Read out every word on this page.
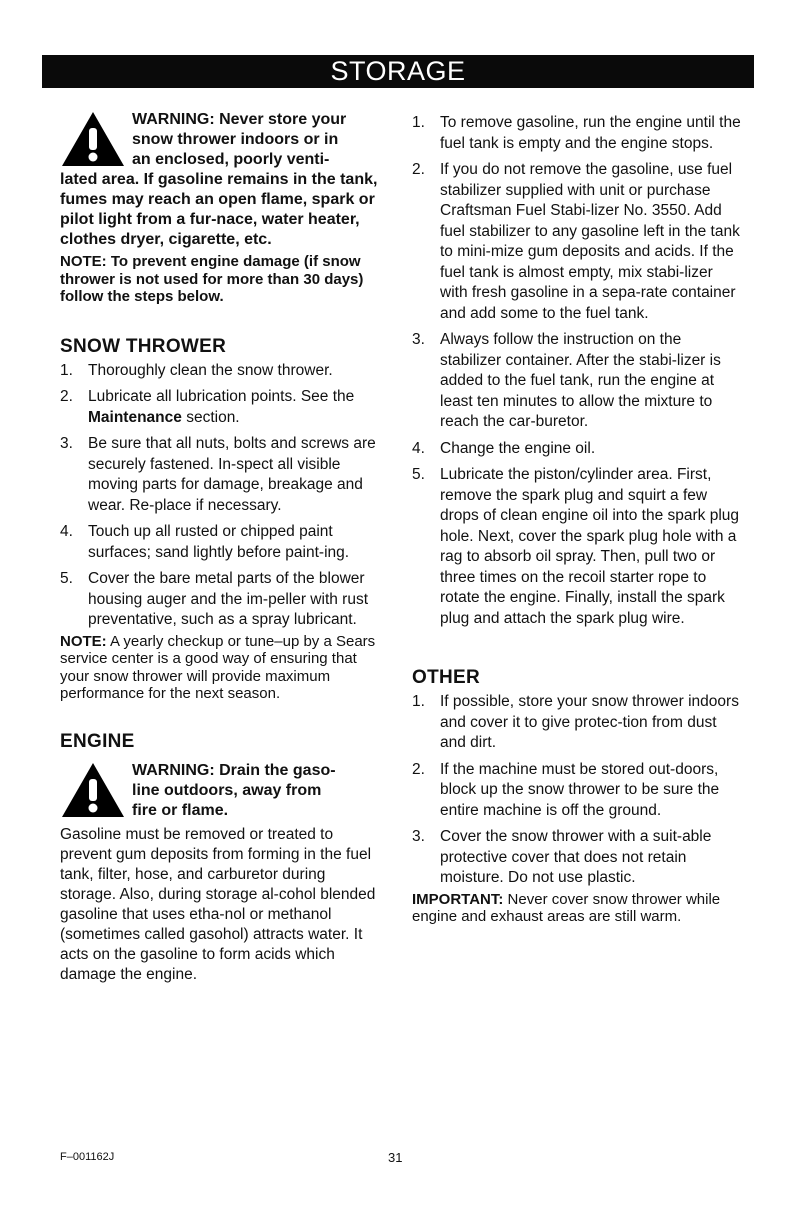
STORAGE
WARNING: Never store your
snow thrower indoors or in
an enclosed, poorly venti-
lated area. If gasoline remains in the tank, fumes may reach an open flame, spark or pilot light from a fur-nace, water heater, clothes dryer, cigarette, etc.
NOTE: To prevent engine damage (if snow thrower is not used for more than 30 days) follow the steps below.
SNOW THROWER
1. Thoroughly clean the snow thrower.
2. Lubricate all lubrication points. See the Maintenance section.
3. Be sure that all nuts, bolts and screws are securely fastened. In-spect all visible moving parts for damage, breakage and wear. Re-place if necessary.
4. Touch up all rusted or chipped paint surfaces; sand lightly before paint-ing.
5. Cover the bare metal parts of the blower housing auger and the im-peller with rust preventative, such as a spray lubricant.
NOTE: A yearly checkup or tune–up by a Sears service center is a good way of ensuring that your snow thrower will provide maximum performance for the next season.
ENGINE
WARNING: Drain the gaso-
line outdoors, away from
fire or flame.
Gasoline must be removed or treated to prevent gum deposits from forming in the fuel tank, filter, hose, and carburetor during storage. Also, during storage al-cohol blended gasoline that uses etha-nol or methanol (sometimes called gasohol) attracts water. It acts on the gasoline to form acids which damage the engine.
1. To remove gasoline, run the engine until the fuel tank is empty and the engine stops.
2. If you do not remove the gasoline, use fuel stabilizer supplied with unit or purchase Craftsman Fuel Stabi-lizer No. 3550. Add fuel stabilizer to any gasoline left in the tank to mini-mize gum deposits and acids. If the fuel tank is almost empty, mix stabi-lizer with fresh gasoline in a sepa-rate container and add some to the fuel tank.
3. Always follow the instruction on the stabilizer container. After the stabi-lizer is added to the fuel tank, run the engine at least ten minutes to allow the mixture to reach the car-buretor.
4. Change the engine oil.
5. Lubricate the piston/cylinder area. First, remove the spark plug and squirt a few drops of clean engine oil into the spark plug hole. Next, cover the spark plug hole with a rag to absorb oil spray. Then, pull two or three times on the recoil starter rope to rotate the engine. Finally, install the spark plug and attach the spark plug wire.
OTHER
1. If possible, store your snow thrower indoors and cover it to give protec-tion from dust and dirt.
2. If the machine must be stored out-doors, block up the snow thrower to be sure the entire machine is off the ground.
3. Cover the snow thrower with a suit-able protective cover that does not retain moisture. Do not use plastic.
IMPORTANT: Never cover snow thrower while engine and exhaust areas are still warm.
F–001162J	31
